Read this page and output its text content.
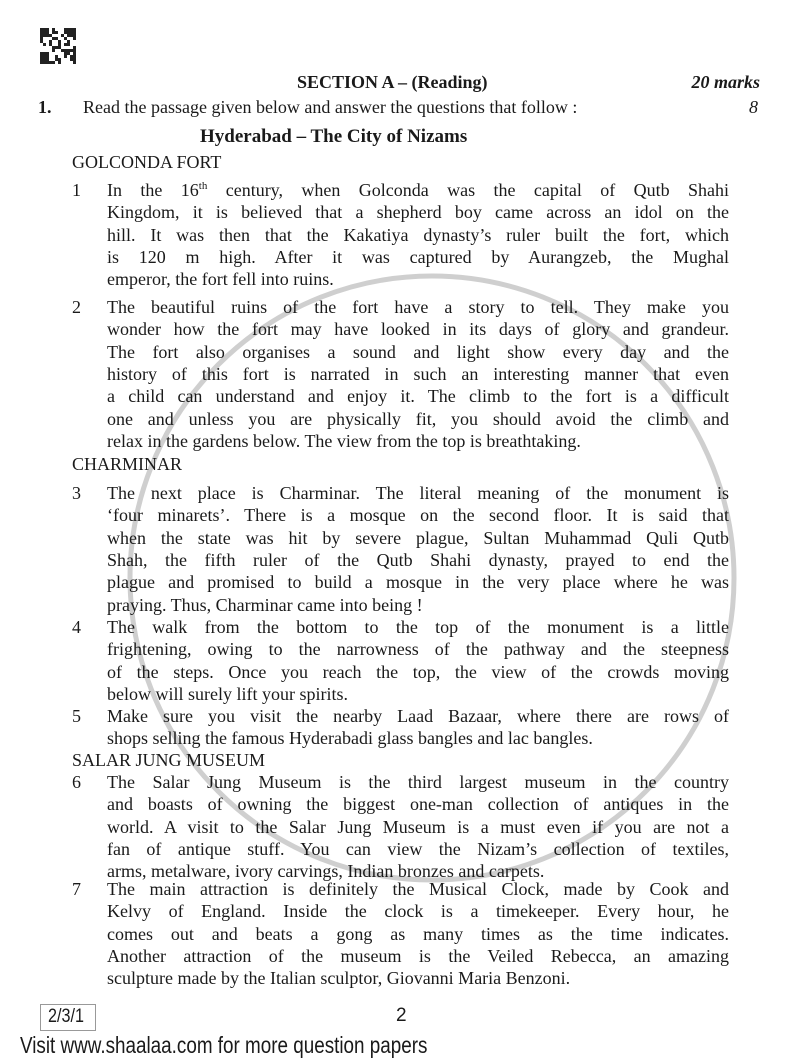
SECTION A – (Reading)	20 marks
1. Read the passage given below and answer the questions that follow :	8
Hyderabad – The City of Nizams
GOLCONDA FORT
1 In the 16th century, when Golconda was the capital of Qutb Shahi
Kingdom, it is believed that a shepherd boy came across an idol on the
hill. It was then that the Kakatiya dynasty’s ruler built the fort, which
is 120 m high. After it was captured by Aurangzeb, the Mughal
emperor, the fort fell into ruins.
2 The beautiful ruins of the fort have a story to tell. They make you
wonder how the fort may have looked in its days of glory and grandeur.
The fort also organises a sound and light show every day and the
history of this fort is narrated in such an interesting manner that even
a child can understand and enjoy it. The climb to the fort is a difficult
one and unless you are physically fit, you should avoid the climb and
relax in the gardens below. The view from the top is breathtaking.
CHARMINAR
3 The next place is Charminar. The literal meaning of the monument is
‘four minarets’. There is a mosque on the second floor. It is said that
when the state was hit by severe plague, Sultan Muhammad Quli Qutb
Shah, the fifth ruler of the Qutb Shahi dynasty, prayed to end the
plague and promised to build a mosque in the very place where he was
praying. Thus, Charminar came into being !
4 The walk from the bottom to the top of the monument is a little
frightening, owing to the narrowness of the pathway and the steepness
of the steps. Once you reach the top, the view of the crowds moving
below will surely lift your spirits.
5 Make sure you visit the nearby Laad Bazaar, where there are rows of
shops selling the famous Hyderabadi glass bangles and lac bangles.
SALAR JUNG MUSEUM
6 The Salar Jung Museum is the third largest museum in the country
and boasts of owning the biggest one-man collection of antiques in the
world. A visit to the Salar Jung Museum is a must even if you are not a
fan of antique stuff. You can view the Nizam’s collection of textiles,
arms, metalware, ivory carvings, Indian bronzes and carpets.
7 The main attraction is definitely the Musical Clock, made by Cook and
Kelvy of England. Inside the clock is a timekeeper. Every hour, he
comes out and beats a gong as many times as the time indicates.
Another attraction of the museum is the Veiled Rebecca, an amazing
sculpture made by the Italian sculptor, Giovanni Maria Benzoni.
2/3/1	2
Visit www.shaalaa.com for more question papers
